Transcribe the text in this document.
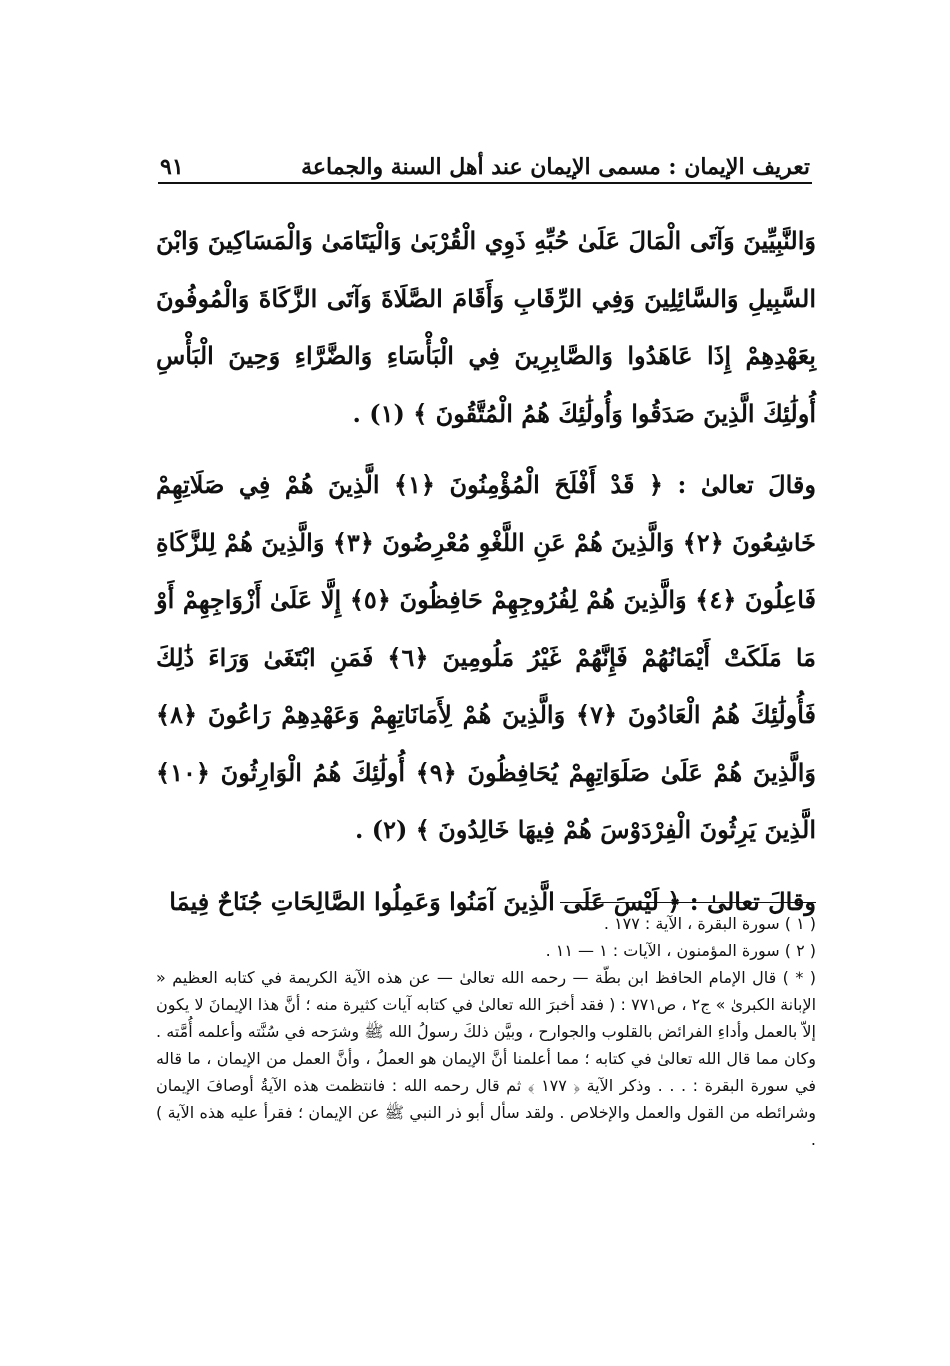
تعريف الإيمان : مسمى الإيمان عند أهل السنة والجماعة
٩١

وَالنَّبِيِّينَ وَآتَى الْمَالَ عَلَىٰ حُبِّهِ ذَوِي الْقُرْبَىٰ وَالْيَتَامَىٰ وَالْمَسَاكِينَ وَابْنَ السَّبِيلِ وَالسَّائِلِينَ وَفِي الرِّقَابِ وَأَقَامَ الصَّلَاةَ وَآتَى الزَّكَاةَ وَالْمُوفُونَ بِعَهْدِهِمْ إِذَا عَاهَدُوا وَالصَّابِرِينَ فِي الْبَأْسَاءِ وَالضَّرَّاءِ وَحِينَ الْبَأْسِ أُولَٰئِكَ الَّذِينَ صَدَقُوا وَأُولَٰئِكَ هُمُ الْمُتَّقُونَ ﴾ (١) .

وقالَ تعالىٰ : ﴿ قَدْ أَفْلَحَ الْمُؤْمِنُونَ ﴿١﴾ الَّذِينَ هُمْ فِي صَلَاتِهِمْ خَاشِعُونَ ﴿٢﴾ وَالَّذِينَ هُمْ عَنِ اللَّغْوِ مُعْرِضُونَ ﴿٣﴾ وَالَّذِينَ هُمْ لِلزَّكَاةِ فَاعِلُونَ ﴿٤﴾ وَالَّذِينَ هُمْ لِفُرُوجِهِمْ حَافِظُونَ ﴿٥﴾ إِلَّا عَلَىٰ أَزْوَاجِهِمْ أَوْ مَا مَلَكَتْ أَيْمَانُهُمْ فَإِنَّهُمْ غَيْرُ مَلُومِينَ ﴿٦﴾ فَمَنِ ابْتَغَىٰ وَرَاءَ ذَٰلِكَ فَأُولَٰئِكَ هُمُ الْعَادُونَ ﴿٧﴾ وَالَّذِينَ هُمْ لِأَمَانَاتِهِمْ وَعَهْدِهِمْ رَاعُونَ ﴿٨﴾ وَالَّذِينَ هُمْ عَلَىٰ صَلَوَاتِهِمْ يُحَافِظُونَ ﴿٩﴾ أُولَٰئِكَ هُمُ الْوَارِثُونَ ﴿١٠﴾ الَّذِينَ يَرِثُونَ الْفِرْدَوْسَ هُمْ فِيهَا خَالِدُونَ ﴾ (٢) .

وقالَ تعالىٰ : ﴿ لَيْسَ عَلَى الَّذِينَ آمَنُوا وَعَمِلُوا الصَّالِحَاتِ جُنَاحٌ فِيمَا

( ١ ) سورة البقرة ، الآية : ١٧٧ .

( ٢ ) سورة المؤمنون ، الآيات : ١ — ١١ .

( * ) قال الإمام الحافظ ابن بطّة — رحمه الله تعالىٰ — عن هذه الآية الكريمة في كتابه العظيم « الإبانة الكبرىٰ » ج٢ ، ص٧٧١ : ( فقد أخبرَ الله تعالىٰ في كتابه آيات كثيرة منه ؛ أنَّ هذا الإيمانَ لا يكون إلاّ بالعمل وأداءِ الفرائض بالقلوب والجوارح ، وبيَّن ذلكَ رسولُ الله ﷺ وشرَحه في سُنَّته وأعلمه أُمَّته . وكان مما قال الله تعالىٰ في كتابه ؛ مما أعلمنا أنَّ الإيمان هو العملُ ، وأنَّ العمل من الإيمان ، ما قاله في سورة البقرة : . . . وذكر الآية ﴿ ١٧٧ ﴾ ثم قال رحمه الله : فانتظمت هذه الآيةُ أوصافَ الإيمان وشرائطه من القول والعمل والإخلاص . ولقد سأل أبو ذر النبي ﷺ عن الإيمان ؛ فقرأ عليه هذه الآية ) .
